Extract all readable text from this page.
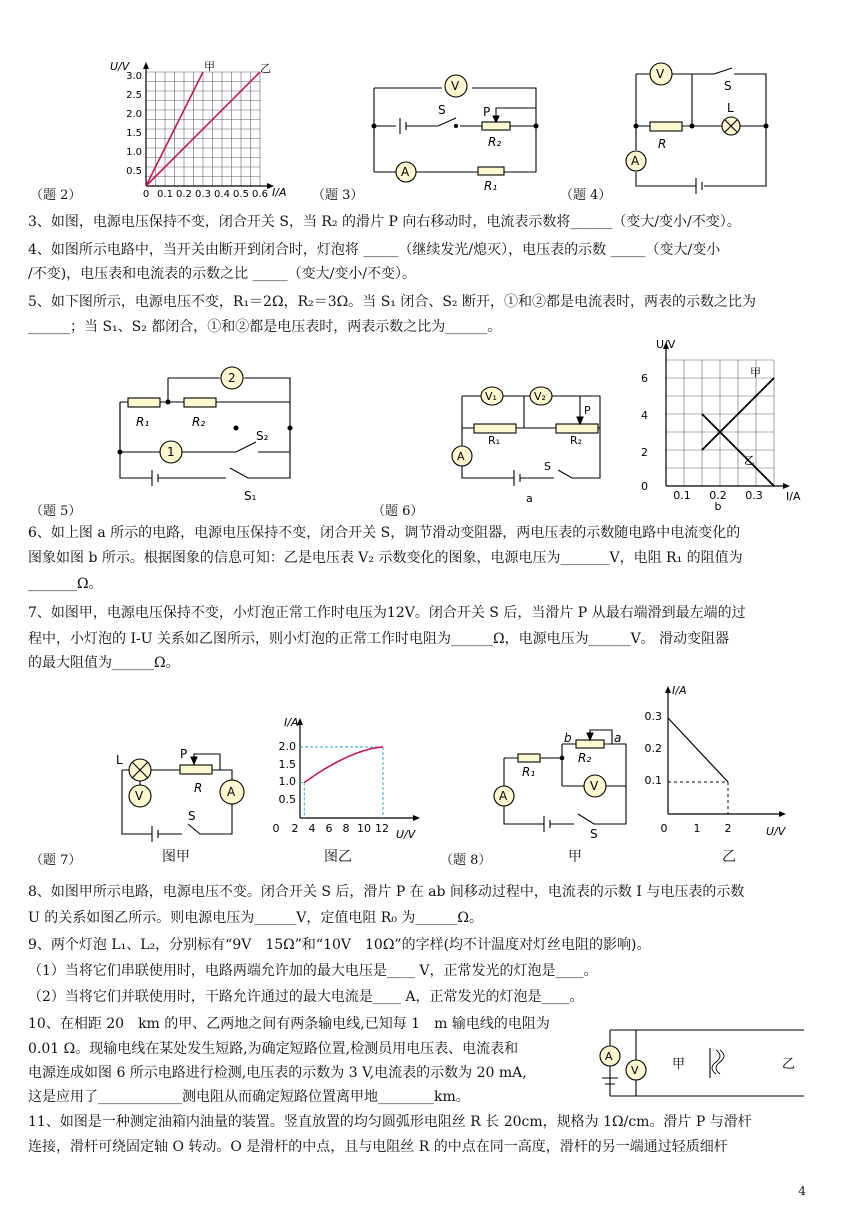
U/V
I/A
3.0
2.5
2.0
1.5
1.0
0.5
0 0.1 0.2 0.3 0.4 0.5 0.6
甲	乙
（题 2）
V
A
S	P
R₂
R₁
（题 3）
V
S
L
R
A
（题 4）
3、如图，电源电压保持不变，闭合开关 S，当 R₂ 的滑片 P 向右移动时，电流表示数将______（变大/变小/不变）。
4、如图所示电路中，当开关由断开到闭合时，灯泡将 _____（继续发光/熄灭），电压表的示数 _____（变大/变小
/不变)，电压表和电流表的示数之比 _____（变大/变小/不变）。
5、如下图所示，电源电压不变，R₁＝2Ω，R₂＝3Ω。当 S₁ 闭合、S₂ 断开，①和②都是电流表时，两表的示数之比为
______；当 S₁、S₂ 都闭合，①和②都是电压表时，两表示数之比为______。
2
1
R₁	R₂
S₂
S₁
（题 5）
V₁	V₂
P
R₁	R₂
A
S
a
（题 6）
U/V
I/A
6
4
2
0
0.1 0.2 0.3
b
甲
乙
6、如上图 a 所示的电路，电源电压保持不变，闭合开关 S，调节滑动变阻器，两电压表的示数随电路中电流变化的
图象如图 b 所示。根据图象的信息可知：乙是电压表 V₂ 示数变化的图象，电源电压为_______V，电阻 R₁ 的阻值为
_______Ω。
7、如图甲，电源电压保持不变，小灯泡正常工作时电压为12V。闭合开关 S 后，当滑片 P 从最右端滑到最左端的过
程中，小灯泡的 I-U 关系如乙图所示，则小灯泡的正常工作时电阻为______Ω，电源电压为______V。 滑动变阻器
的最大阻值为______Ω。
L
V
P
R A
S
图甲
（题 7）
I/A
U/V
2.0
1.5
1.0
0.5
0 2 4 6 8 10 12
图乙
R₁
R₂
b	a
V
A
S
甲
（题 8）
I/A
U/V
0.3
0.2
0.1
0 1 2
乙
8、如图甲所示电路，电源电压不变。闭合开关 S 后，滑片 P 在 ab 间移动过程中，电流表的示数 I 与电压表的示数
U 的关系如图乙所示。则电源电压为______V，定值电阻 R₀ 为______Ω。
9、两个灯泡 L₁、L₂，分别标有“9V　15Ω”和“10V　10Ω”的字样(均不计温度对灯丝电阻的影响)。
（1）当将它们串联使用时，电路两端允许加的最大电压是____ V，正常发光的灯泡是____。
（2）当将它们并联使用时，干路允许通过的最大电流是____ A，正常发光的灯泡是____。
10、在相距 20　km 的甲、乙两地之间有两条输电线,已知每 1　m 输电线的电阻为
0.01 Ω。现输电线在某处发生短路,为确定短路位置,检测员用电压表、电流表和
电源连成如图 6 所示电路进行检测,电压表的示数为 3 V,电流表的示数为 20 mA,
这是应用了____________测电阻从而确定短路位置离甲地________km。
11、如图是一种测定油箱内油量的装置。竖直放置的均匀圆弧形电阻丝 R 长 20cm，规格为 1Ω/cm。滑片 P 与滑杆
连接，滑杆可绕固定轴 O 转动。O 是滑杆的中点，且与电阻丝 R 的中点在同一高度，滑杆的另一端通过轻质细杆
A
V	甲	乙
4
